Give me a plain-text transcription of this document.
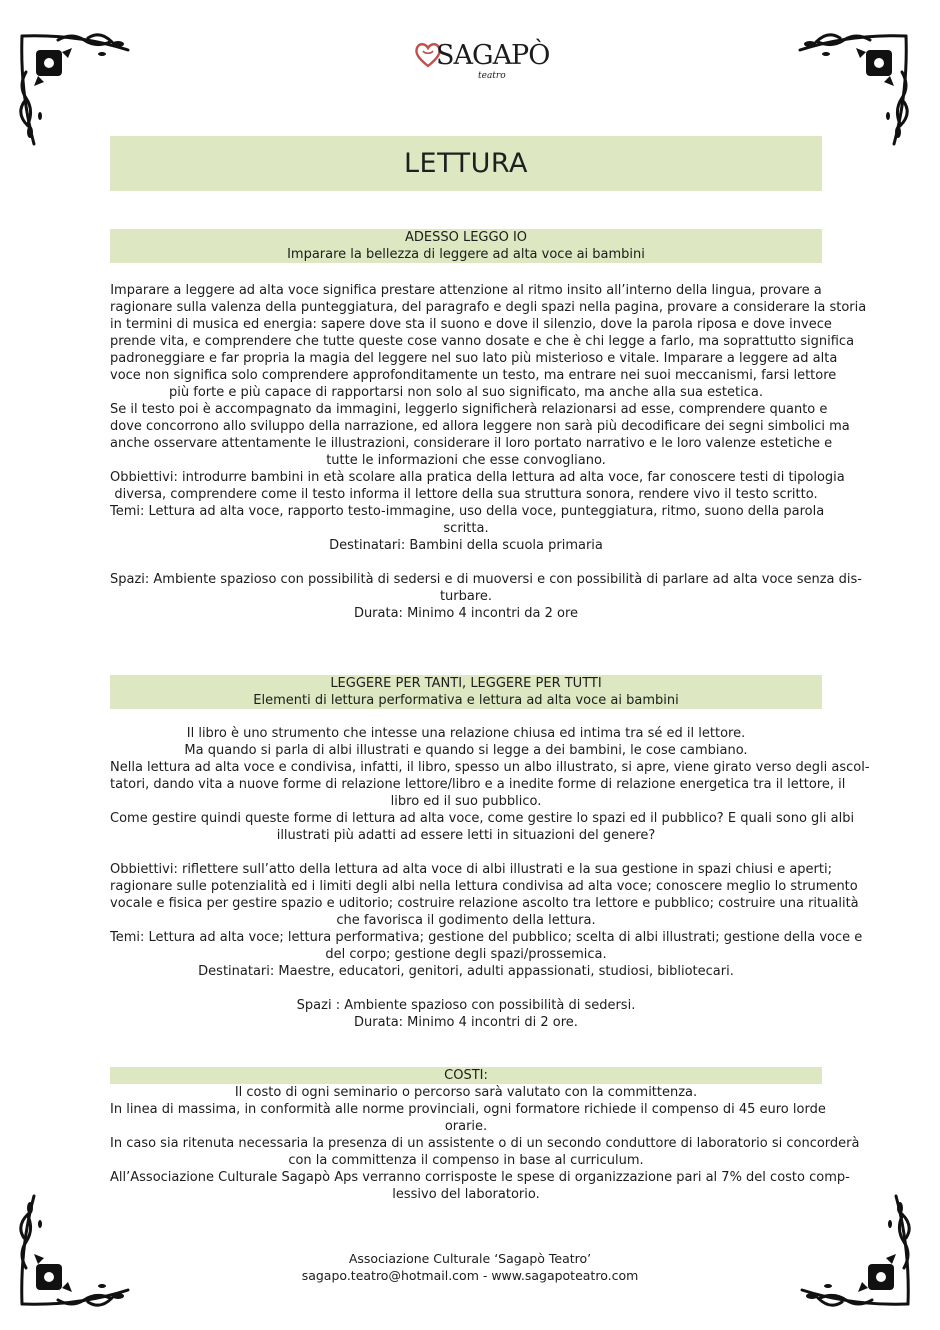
SAGAPÒ
teatro
LETTURA
ADESSO LEGGO IO
Imparare la bellezza di leggere ad alta voce ai bambini
Imparare a leggere ad alta voce significa prestare attenzione al ritmo insito all’interno della lingua, provare a
ragionare sulla valenza della punteggiatura, del paragrafo e degli spazi nella pagina, provare a considerare la storia
in termini di musica ed energia: sapere dove sta il suono e dove il silenzio, dove la parola riposa e dove invece
prende vita, e comprendere che tutte queste cose vanno dosate e che è chi legge a farlo, ma soprattutto significa
padroneggiare e far propria la magia del leggere nel suo lato più misterioso e vitale. Imparare a leggere ad alta
voce non significa solo comprendere approfonditamente un testo, ma entrare nei suoi meccanismi, farsi lettore
più forte e più capace di rapportarsi non solo al suo significato, ma anche alla sua estetica.
Se il testo poi è accompagnato da immagini, leggerlo significherà relazionarsi ad esse, comprendere quanto e
dove concorrono allo sviluppo della narrazione, ed allora leggere non sarà più decodificare dei segni simbolici ma
anche osservare attentamente le illustrazioni, considerare il loro portato narrativo e le loro valenze estetiche e
tutte le informazioni che esse convogliano.
Obbiettivi: introdurre bambini in età scolare alla pratica della lettura ad alta voce, far conoscere testi di tipologia
diversa, comprendere come il testo informa il lettore della sua struttura sonora, rendere vivo il testo scritto.
Temi: Lettura ad alta voce, rapporto testo-immagine, uso della voce, punteggiatura, ritmo, suono della parola
scritta.
Destinatari: Bambini della scuola primaria
Spazi: Ambiente spazioso con possibilità di sedersi e di muoversi e con possibilità di parlare ad alta voce senza dis-
turbare.
Durata: Minimo 4 incontri da 2 ore
LEGGERE PER TANTI, LEGGERE PER TUTTI
Elementi di lettura performativa e lettura ad alta voce ai bambini
Il libro è uno strumento che intesse una relazione chiusa ed intima tra sé ed il lettore.
Ma quando si parla di albi illustrati e quando si legge a dei bambini, le cose cambiano.
Nella lettura ad alta voce e condivisa, infatti, il libro, spesso un albo illustrato, si apre, viene girato verso degli ascol-
tatori, dando vita a nuove forme di relazione lettore/libro e a inedite forme di relazione energetica tra il lettore, il
libro ed il suo pubblico.
Come gestire quindi queste forme di lettura ad alta voce, come gestire lo spazi ed il pubblico? E quali sono gli albi
illustrati più adatti ad essere letti in situazioni del genere?
Obbiettivi: riflettere sull’atto della lettura ad alta voce di albi illustrati e la sua gestione in spazi chiusi e aperti;
ragionare sulle potenzialità ed i limiti degli albi nella lettura condivisa ad alta voce; conoscere meglio lo strumento
vocale e fisica per gestire spazio e uditorio; costruire relazione ascolto tra lettore e pubblico; costruire una ritualità
che favorisca il godimento della lettura.
Temi: Lettura ad alta voce; lettura performativa; gestione del pubblico; scelta di albi illustrati; gestione della voce e
del corpo; gestione degli spazi/prossemica.
Destinatari: Maestre, educatori, genitori, adulti appassionati, studiosi, bibliotecari.
Spazi : Ambiente spazioso con possibilità di sedersi.
Durata: Minimo 4 incontri di 2 ore.
COSTI:
Il costo di ogni seminario o percorso sarà valutato con la committenza.
In linea di massima, in conformità alle norme provinciali, ogni formatore richiede il compenso di 45 euro lorde
orarie.
In caso sia ritenuta necessaria la presenza di un assistente o di un secondo conduttore di laboratorio si concorderà
con la committenza il compenso in base al curriculum.
All’Associazione Culturale Sagapò Aps verranno corrisposte le spese di organizzazione pari al 7% del costo comp-
lessivo del laboratorio.
Associazione Culturale ‘Sagapò Teatro’
sagapo.teatro@hotmail.com - www.sagapoteatro.com
